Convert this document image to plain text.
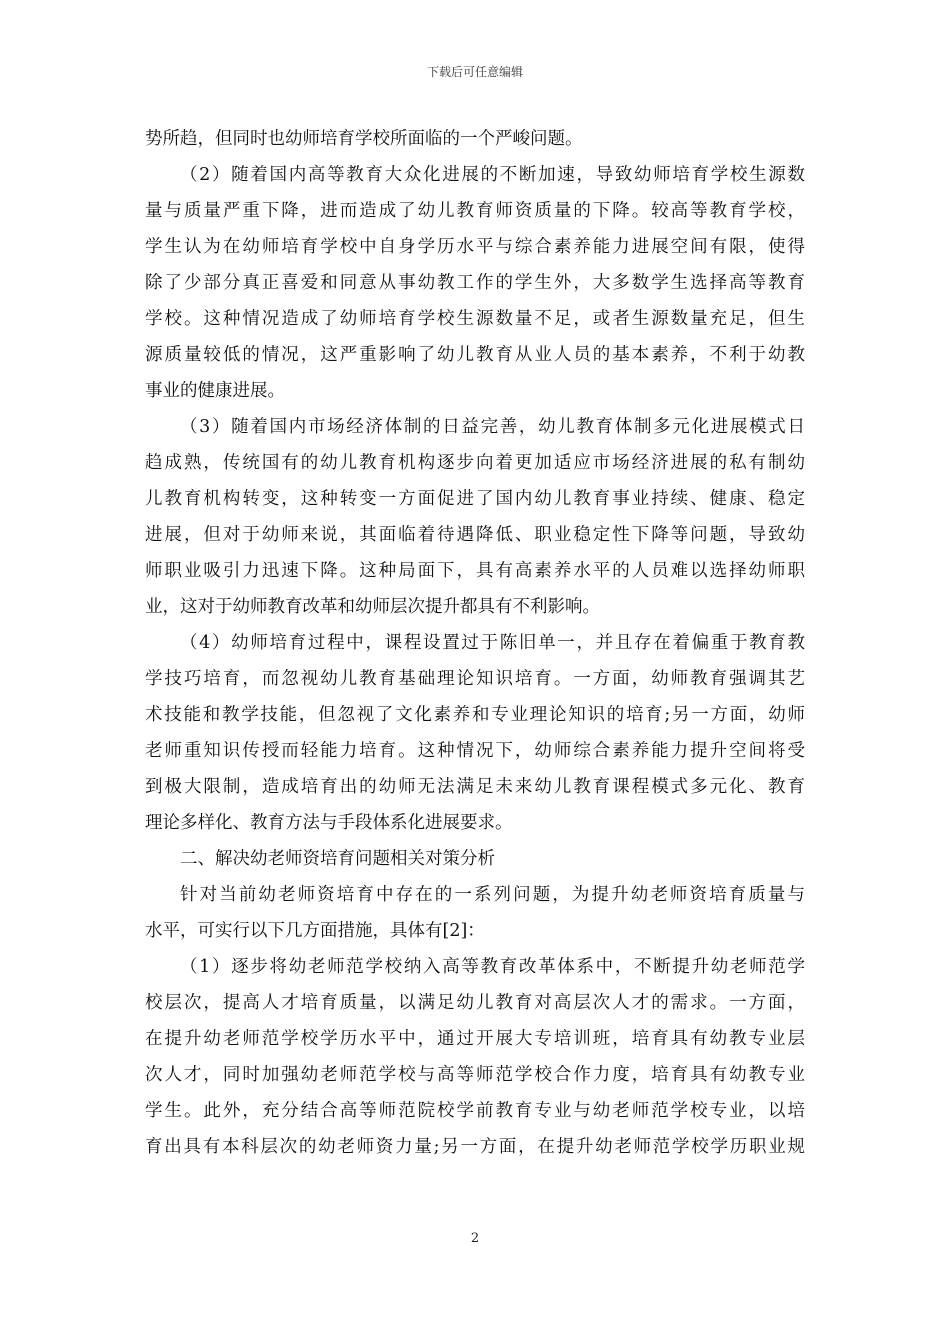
下载后可任意编辑
势所趋，但同时也幼师培育学校所面临的一个严峻问题。
（2）随着国内高等教育大众化进展的不断加速，导致幼师培育学校生源数
量与质量严重下降，进而造成了幼儿教育师资质量的下降。较高等教育学校，
学生认为在幼师培育学校中自身学历水平与综合素养能力进展空间有限，使得
除了少部分真正喜爱和同意从事幼教工作的学生外，大多数学生选择高等教育
学校。这种情况造成了幼师培育学校生源数量不足，或者生源数量充足，但生
源质量较低的情况，这严重影响了幼儿教育从业人员的基本素养，不利于幼教
事业的健康进展。
（3）随着国内市场经济体制的日益完善，幼儿教育体制多元化进展模式日
趋成熟，传统国有的幼儿教育机构逐步向着更加适应市场经济进展的私有制幼
儿教育机构转变，这种转变一方面促进了国内幼儿教育事业持续、健康、稳定
进展，但对于幼师来说，其面临着待遇降低、职业稳定性下降等问题，导致幼
师职业吸引力迅速下降。这种局面下，具有高素养水平的人员难以选择幼师职
业，这对于幼师教育改革和幼师层次提升都具有不利影响。
（4）幼师培育过程中，课程设置过于陈旧单一，并且存在着偏重于教育教
学技巧培育，而忽视幼儿教育基础理论知识培育。一方面，幼师教育强调其艺
术技能和教学技能，但忽视了文化素养和专业理论知识的培育;另一方面，幼师
老师重知识传授而轻能力培育。这种情况下，幼师综合素养能力提升空间将受
到极大限制，造成培育出的幼师无法满足未来幼儿教育课程模式多元化、教育
理论多样化、教育方法与手段体系化进展要求。
二、解决幼老师资培育问题相关对策分析
针对当前幼老师资培育中存在的一系列问题，为提升幼老师资培育质量与
水平，可实行以下几方面措施，具体有[2]：
（1）逐步将幼老师范学校纳入高等教育改革体系中，不断提升幼老师范学
校层次，提高人才培育质量，以满足幼儿教育对高层次人才的需求。一方面，
在提升幼老师范学校学历水平中，通过开展大专培训班，培育具有幼教专业层
次人才，同时加强幼老师范学校与高等师范学校合作力度，培育具有幼教专业
学生。此外，充分结合高等师范院校学前教育专业与幼老师范学校专业，以培
育出具有本科层次的幼老师资力量;另一方面，在提升幼老师范学校学历职业规
2
